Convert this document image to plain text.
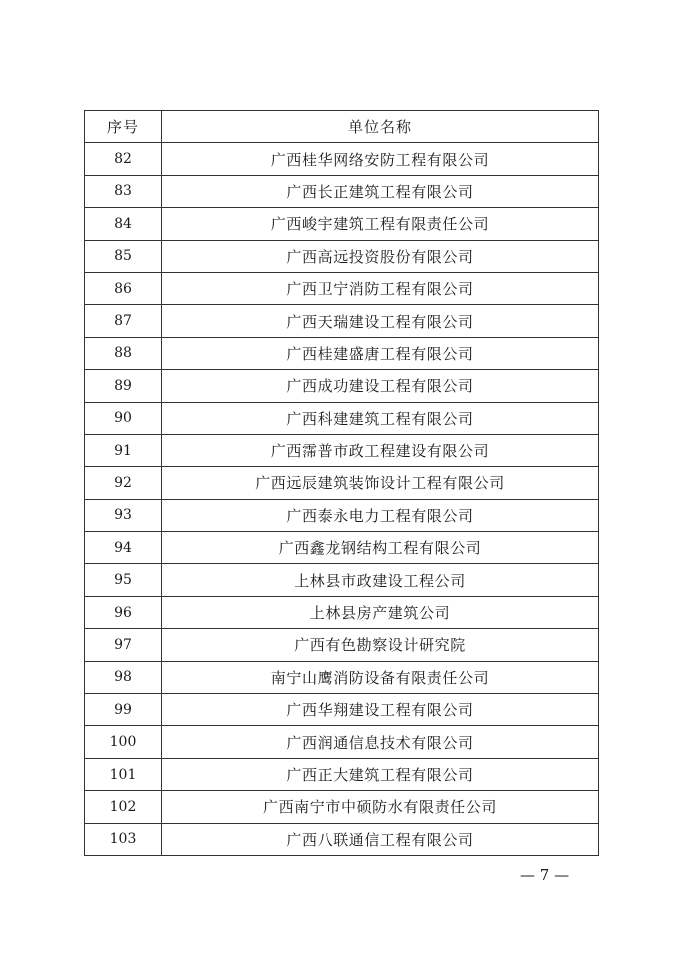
序号	单位名称
82	广西桂华网络安防工程有限公司
83	广西长正建筑工程有限公司
84	广西峻宇建筑工程有限责任公司
85	广西高远投资股份有限公司
86	广西卫宁消防工程有限公司
87	广西天瑞建设工程有限公司
88	广西桂建盛唐工程有限公司
89	广西成功建设工程有限公司
90	广西科建建筑工程有限公司
91	广西霈普市政工程建设有限公司
92	广西远辰建筑装饰设计工程有限公司
93	广西泰永电力工程有限公司
94	广西鑫龙钢结构工程有限公司
95	上林县市政建设工程公司
96	上林县房产建筑公司
97	广西有色勘察设计研究院
98	南宁山鹰消防设备有限责任公司
99	广西华翔建设工程有限公司
100	广西润通信息技术有限公司
101	广西正大建筑工程有限公司
102	广西南宁市中硕防水有限责任公司
103	广西八联通信工程有限公司
— 7 —
